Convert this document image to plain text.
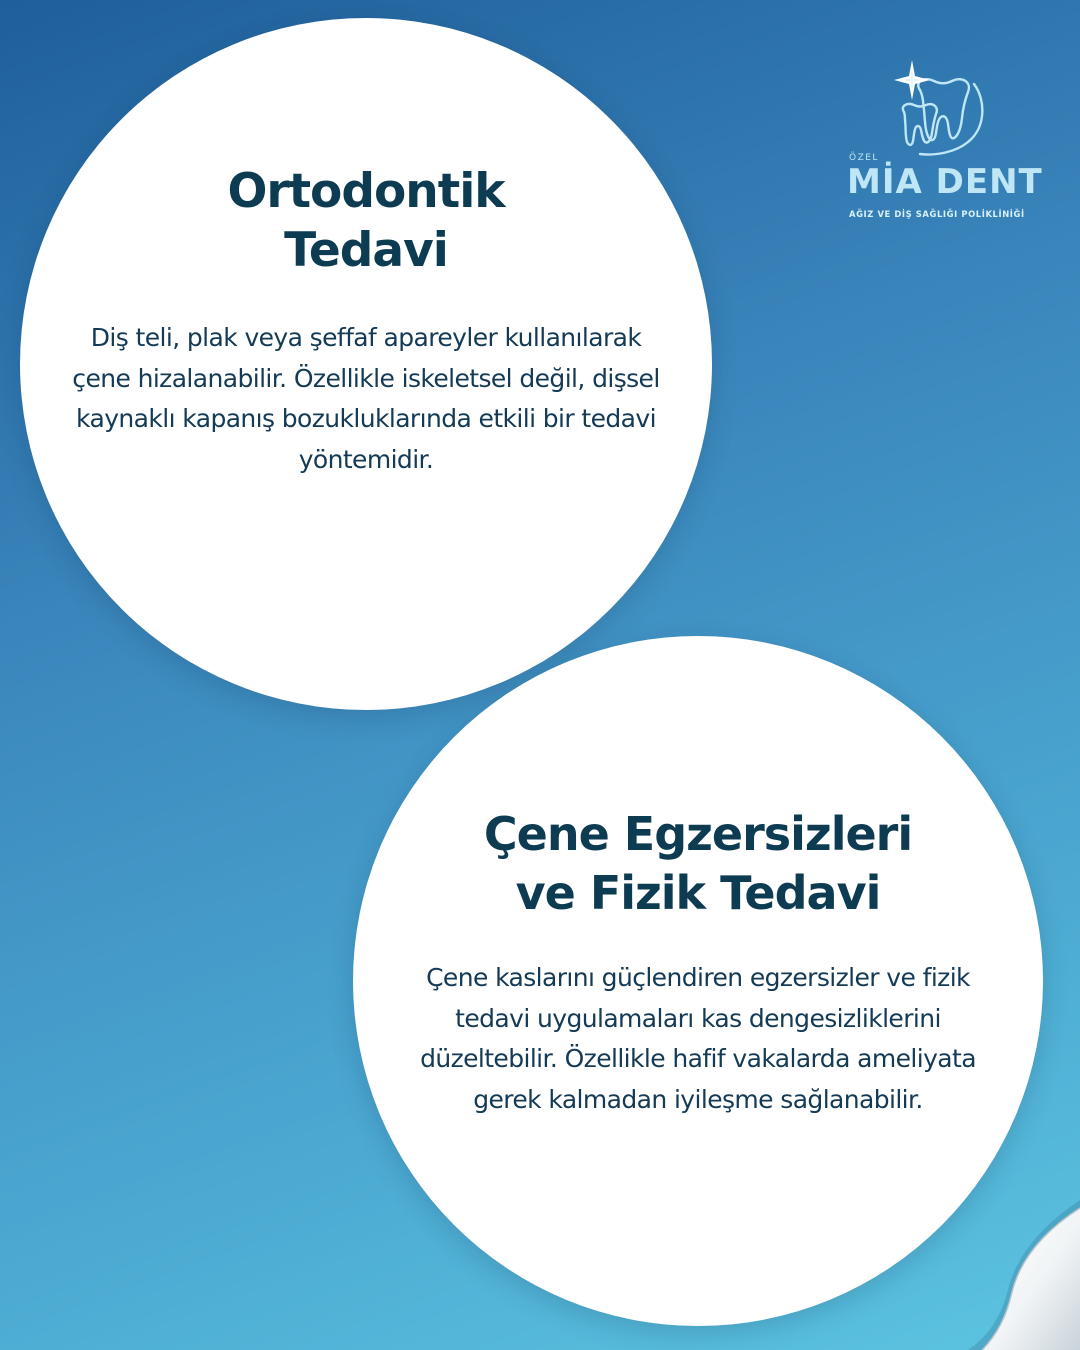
Ortodontik
Tedavi

Diş teli, plak veya şeffaf apareyler kullanılarak
çene hizalanabilir. Özellikle iskeletsel değil, dişsel
kaynaklı kapanış bozukluklarında etkili bir tedavi
yöntemidir.

Çene Egzersizleri
ve Fizik Tedavi

Çene kaslarını güçlendiren egzersizler ve fizik
tedavi uygulamaları kas dengesizliklerini
düzeltebilir. Özellikle hafif vakalarda ameliyata
gerek kalmadan iyileşme sağlanabilir.

ÖZEL
MİA DENT
AĞIZ VE DİŞ SAĞLIĞI POLİKLİNİĞİ
